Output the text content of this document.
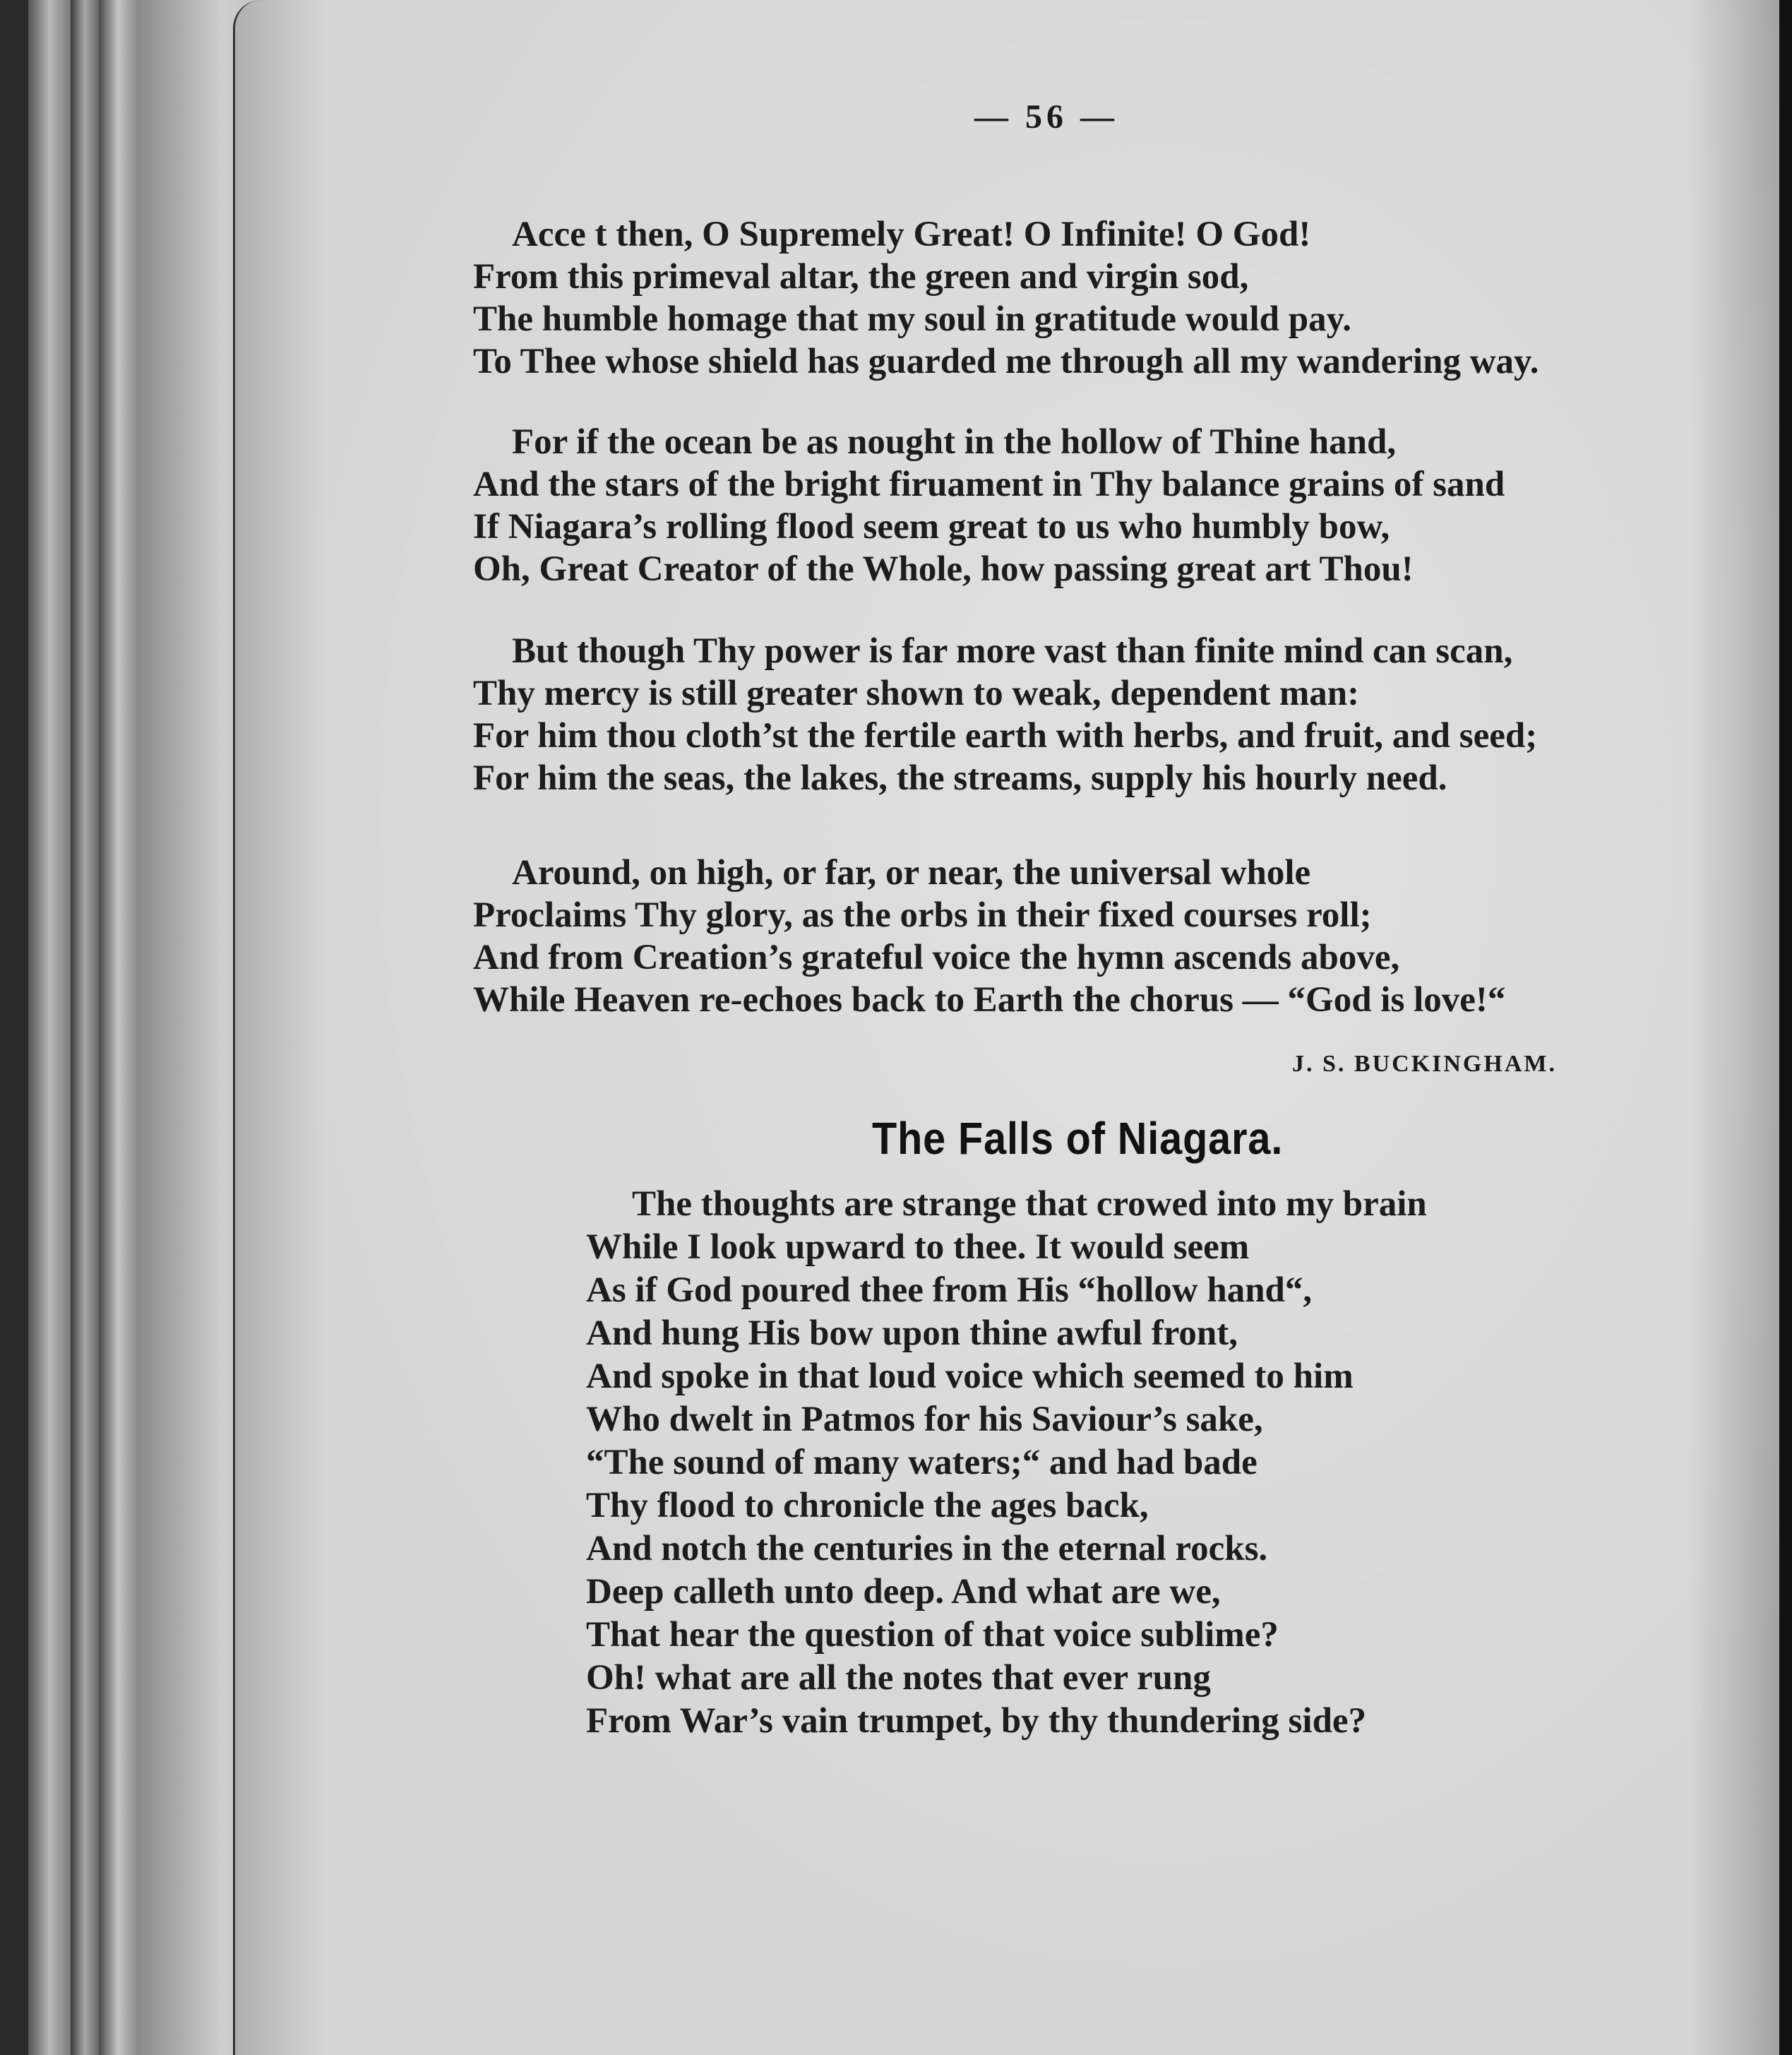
— 56 —
Acce t then, O Supremely Great! O Infinite! O God!
From this primeval altar, the green and virgin sod,
The humble homage that my soul in gratitude would pay.
To Thee whose shield has guarded me through all my wandering way.
For if the ocean be as nought in the hollow of Thine hand,
And the stars of the bright firuament in Thy balance grains of sand
If Niagara’s rolling flood seem great to us who humbly bow,
Oh, Great Creator of the Whole, how passing great art Thou!
But though Thy power is far more vast than finite mind can scan,
Thy mercy is still greater shown to weak, dependent man:
For him thou cloth’st the fertile earth with herbs, and fruit, and seed;
For him the seas, the lakes, the streams, supply his hourly need.
Around, on high, or far, or near, the universal whole
Proclaims Thy glory, as the orbs in their fixed courses roll;
And from Creation’s grateful voice the hymn ascends above,
While Heaven re-echoes back to Earth the chorus — “God is love!“
J. S. BUCKINGHAM.
The Falls of Niagara.
The thoughts are strange that crowed into my brain
While I look upward to thee. It would seem
As if God poured thee from His “hollow hand“,
And hung His bow upon thine awful front,
And spoke in that loud voice which seemed to him
Who dwelt in Patmos for his Saviour’s sake,
“The sound of many waters;“ and had bade
Thy flood to chronicle the ages back,
And notch the centuries in the eternal rocks.
Deep calleth unto deep. And what are we,
That hear the question of that voice sublime?
Oh! what are all the notes that ever rung
From War’s vain trumpet, by thy thundering side?
